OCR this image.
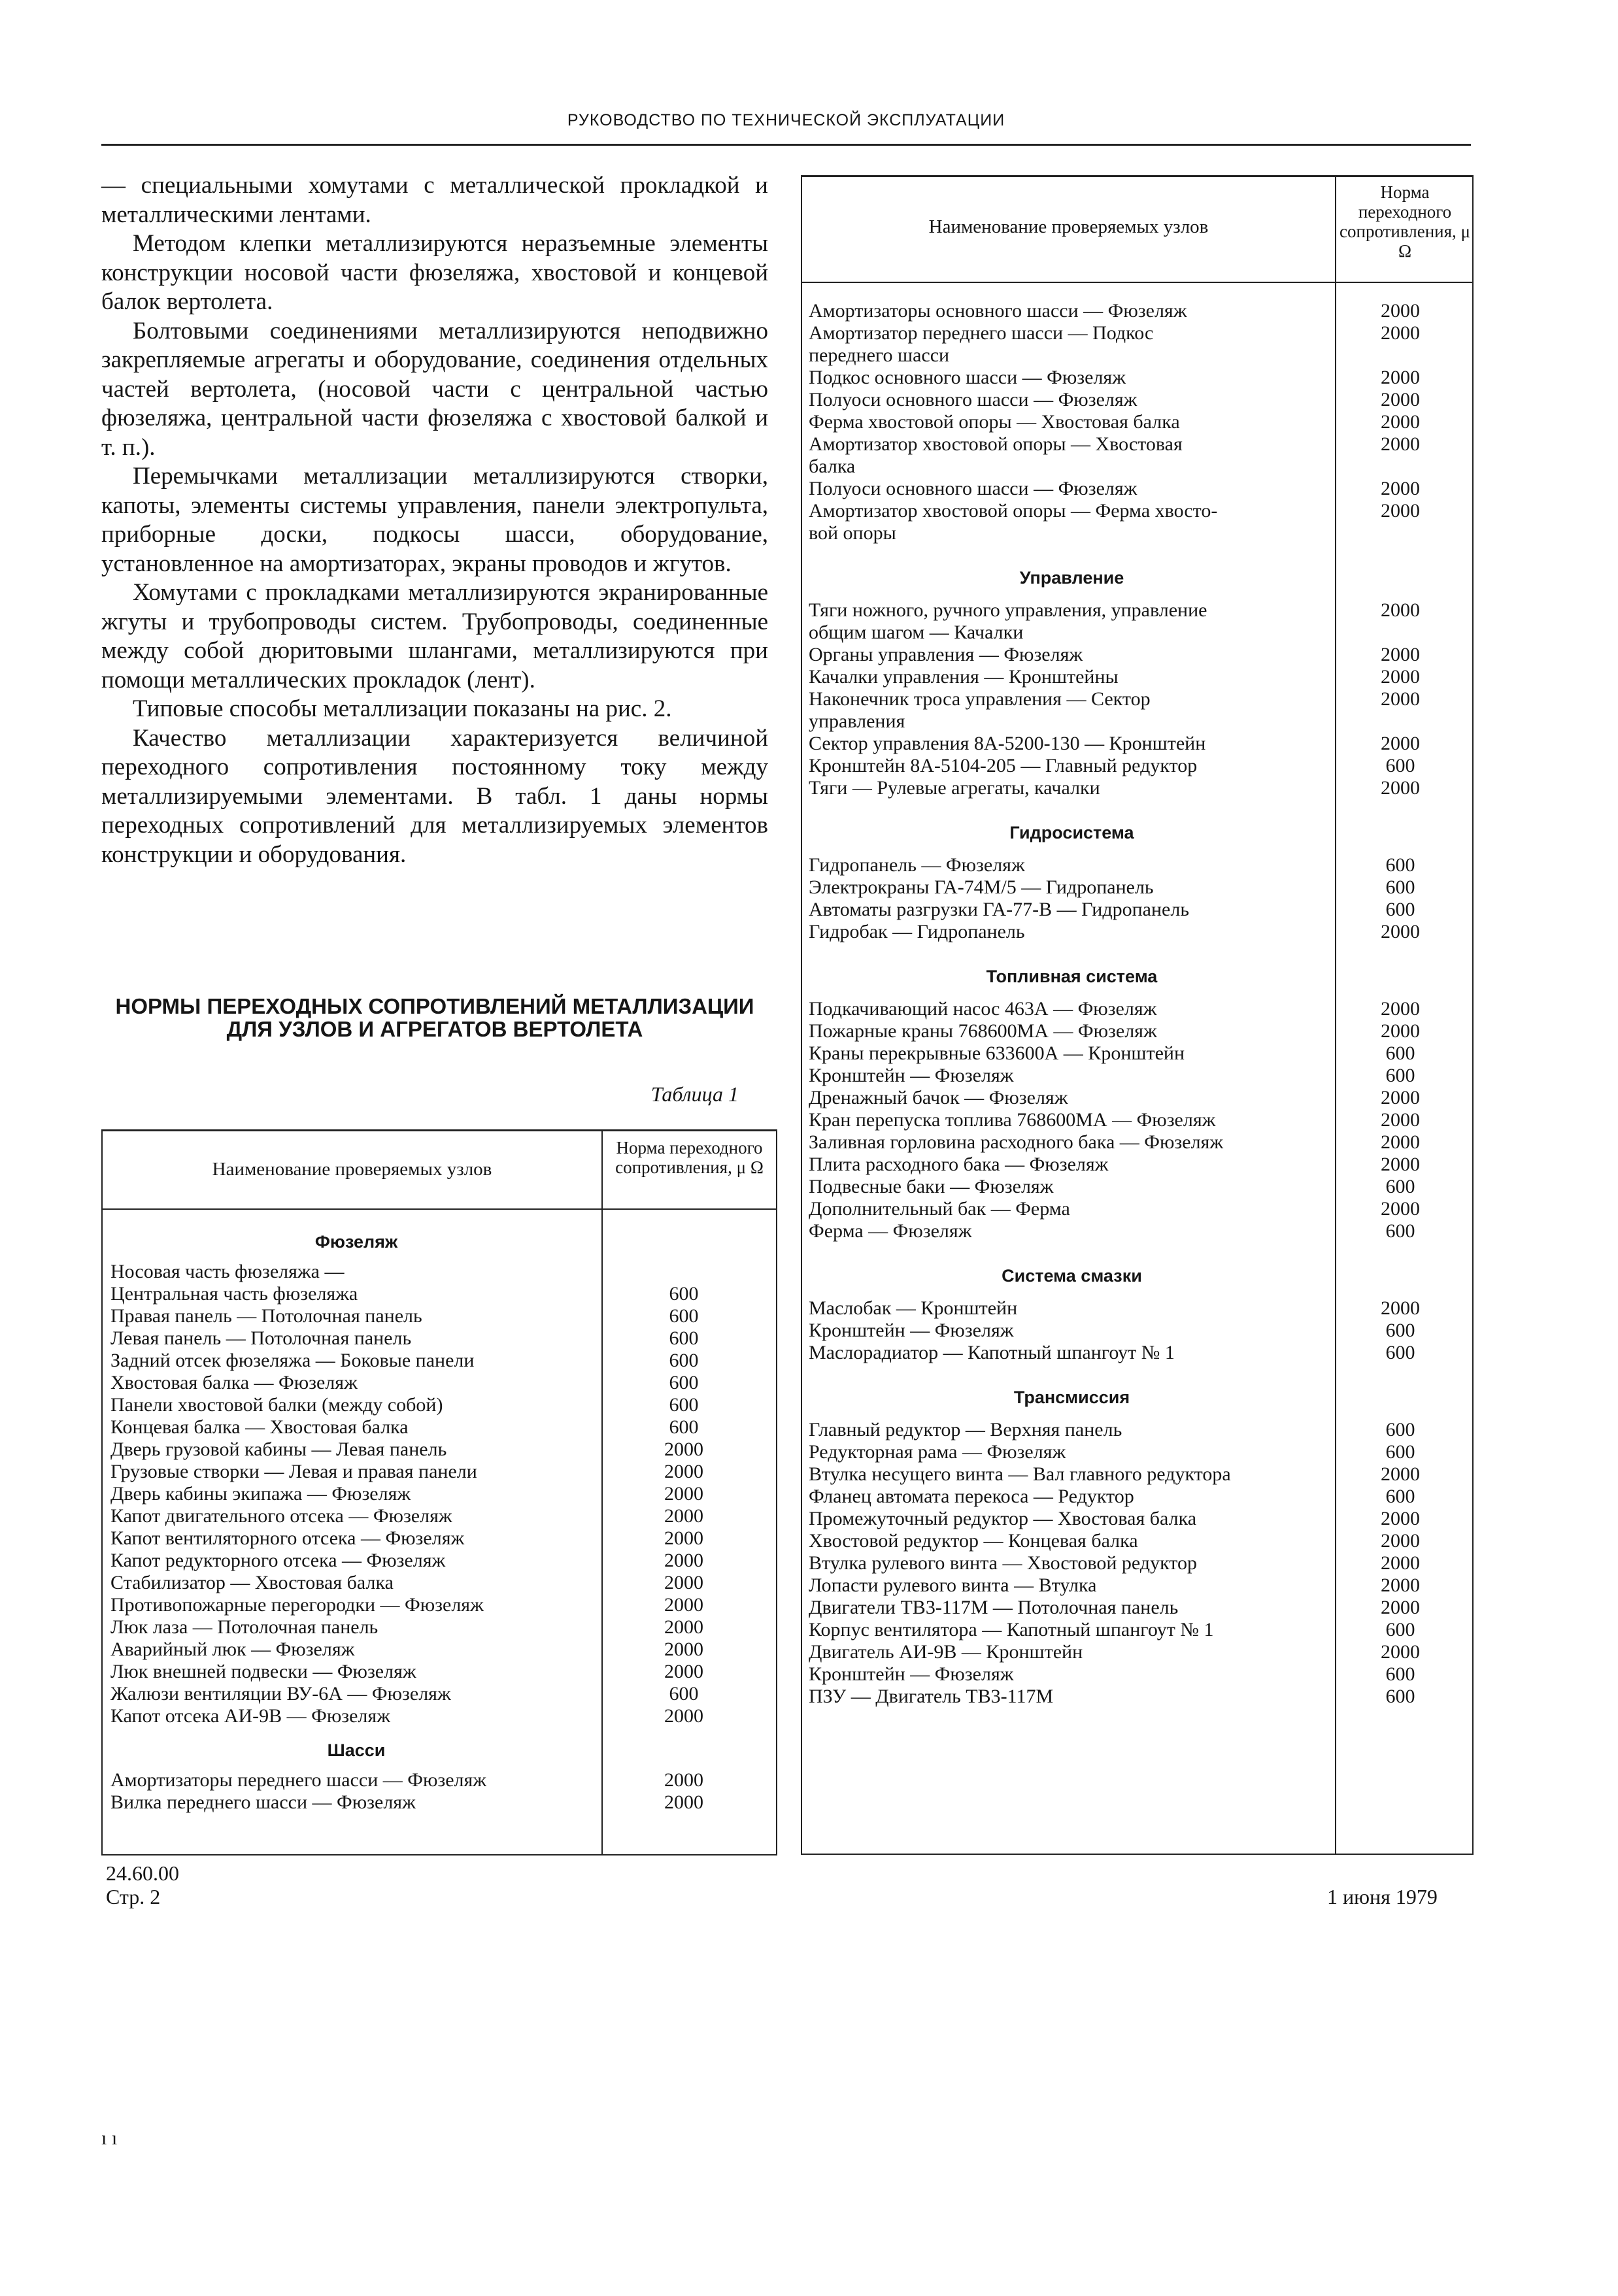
РУКОВОДСТВО ПО ТЕХНИЧЕСКОЙ ЭКСПЛУАТАЦИИ

— специальными хомутами с металлической прокладкой и металлическими лентами.

Методом клепки металлизируются неразъемные элементы конструкции носовой части фюзеляжа, хвостовой и концевой балок вертолета.

Болтовыми соединениями металлизируются неподвижно закрепляемые агрегаты и оборудование, соединения отдельных частей вертолета, (носовой части с центральной частью фюзеляжа, центральной части фюзеляжа с хвостовой балкой и т. п.).

Перемычками металлизации металлизируются створки, капоты, элементы системы управления, панели электропульта, приборные доски, подкосы шасси, оборудование, установленное на амортизаторах, экраны проводов и жгутов.

Хомутами с прокладками металлизируются экранированные жгуты и трубопроводы систем. Трубопроводы, соединенные между собой дюритовыми шлангами, металлизируются при помощи металлических прокладок (лент).

Типовые способы металлизации показаны на рис. 2.

Качество металлизации характеризуется величиной переходного сопротивления постоянному току между металлизируемыми элементами. В табл. 1 даны нормы переходных сопротивлений для металлизируемых элементов конструкции и оборудования.

НОРМЫ ПЕРЕХОДНЫХ СОПРОТИВЛЕНИЙ МЕТАЛЛИЗАЦИИ ДЛЯ УЗЛОВ И АГРЕГАТОВ ВЕРТОЛЕТА
Таблица 1
Наименование проверяемых узлов
Норма переходного сопротивления, μ Ω
Фюзеляж
Носовая часть фюзеляжа —
Центральная часть фюзеляжа	600
Правая панель — Потолочная панель	600
Левая панель — Потолочная панель	600
Задний отсек фюзеляжа — Боковые панели	600
Хвостовая балка — Фюзеляж	600
Панели хвостовой балки (между собой)	600
Концевая балка — Хвостовая балка	600
Дверь грузовой кабины — Левая панель	2000
Грузовые створки — Левая и правая панели	2000
Дверь кабины экипажа — Фюзеляж	2000
Капот двигательного отсека — Фюзеляж	2000
Капот вентиляторного отсека — Фюзеляж	2000
Капот редукторного отсека — Фюзеляж	2000
Стабилизатор — Хвостовая балка	2000
Противопожарные перегородки — Фюзеляж	2000
Люк лаза — Потолочная панель	2000
Аварийный люк — Фюзеляж	2000
Люк внешней подвески — Фюзеляж	2000
Жалюзи вентиляции ВУ-6А — Фюзеляж	600
Капот отсека АИ-9В — Фюзеляж	2000
Шасси
Амортизаторы переднего шасси — Фюзеляж	2000
Вилка переднего шасси — Фюзеляж	2000
Наименование проверяемых узлов
Норма переходного сопротивления, μ Ω
Амортизаторы основного шасси — Фюзеляж	2000
Амортизатор переднего шасси — Подкос	2000
переднего шасси
Подкос основного шасси — Фюзеляж	2000
Полуоси основного шасси — Фюзеляж	2000
Ферма хвостовой опоры — Хвостовая балка	2000
Амортизатор хвостовой опоры — Хвостовая	2000
балка
Полуоси основного шасси — Фюзеляж	2000
Амортизатор хвостовой опоры — Ферма хвосто-	2000
вой опоры
Управление
Тяги ножного, ручного управления, управление	2000
общим шагом — Качалки
Органы управления — Фюзеляж	2000
Качалки управления — Кронштейны	2000
Наконечник троса управления — Сектор	2000
управления
Сектор управления 8А-5200-130 — Кронштейн	2000
Кронштейн 8А-5104-205 — Главный редуктор	600
Тяги — Рулевые агрегаты, качалки	2000
Гидросистема
Гидропанель — Фюзеляж	600
Электрокраны ГА-74М/5 — Гидропанель	600
Автоматы разгрузки ГА-77-В — Гидропанель	600
Гидробак — Гидропанель	2000
Топливная система
Подкачивающий насос 463А — Фюзеляж	2000
Пожарные краны 768600МА — Фюзеляж	2000
Краны перекрывные 633600А — Кронштейн	600
Кронштейн — Фюзеляж	600
Дренажный бачок — Фюзеляж	2000
Кран перепуска топлива 768600МА — Фюзеляж	2000
Заливная горловина расходного бака — Фюзеляж	2000
Плита расходного бака — Фюзеляж	2000
Подвесные баки — Фюзеляж	600
Дополнительный бак — Ферма	2000
Ферма — Фюзеляж	600
Система смазки
Маслобак — Кронштейн	2000
Кронштейн — Фюзеляж	600
Маслорадиатор — Капотный шпангоут № 1	600
Трансмиссия
Главный редуктор — Верхняя панель	600
Редукторная рама — Фюзеляж	600
Втулка несущего винта — Вал главного редуктора	2000
Фланец автомата перекоса — Редуктор	600
Промежуточный редуктор — Хвостовая балка	2000
Хвостовой редуктор — Концевая балка	2000
Втулка рулевого винта — Хвостовой редуктор	2000
Лопасти рулевого винта — Втулка	2000
Двигатели ТВ3-117М — Потолочная панель	2000
Корпус вентилятора — Капотный шпангоут № 1	600
Двигатель АИ-9В — Кронштейн	2000
Кронштейн — Фюзеляж	600
ПЗУ — Двигатель ТВ3-117М	600
24.60.00
Стр. 2	1 июня 1979
ı ı
